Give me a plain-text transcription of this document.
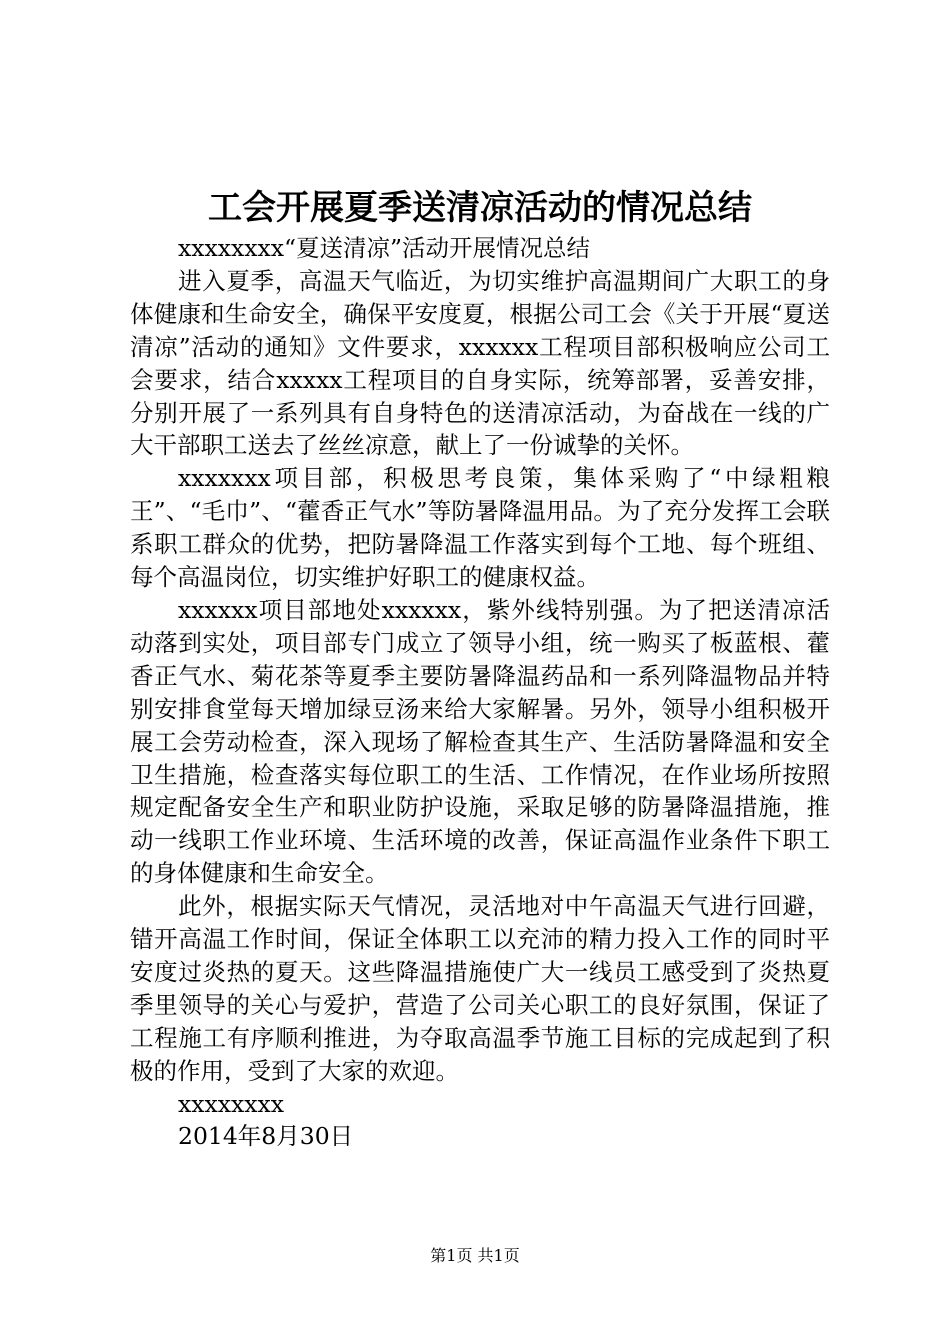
工会开展夏季送清凉活动的情况总结

xxxxxxxx“夏送清凉”活动开展情况总结

进入夏季，高温天气临近，为切实维护高温期间广大职工的身体健康和生命安全，确保平安度夏，根据公司工会《关于开展“夏送清凉”活动的通知》文件要求，xxxxxx工程项目部积极响应公司工会要求，结合xxxxx工程项目的自身实际，统筹部署，妥善安排，分别开展了一系列具有自身特色的送清凉活动，为奋战在一线的广大干部职工送去了丝丝凉意，献上了一份诚挚的关怀。

xxxxxxx项目部，积极思考良策，集体采购了“中绿粗粮王”、“毛巾”、“藿香正气水”等防暑降温用品。为了充分发挥工会联系职工群众的优势，把防暑降温工作落实到每个工地、每个班组、每个高温岗位，切实维护好职工的健康权益。

xxxxxx项目部地处xxxxxx，紫外线特别强。为了把送清凉活动落到实处，项目部专门成立了领导小组，统一购买了板蓝根、藿香正气水、菊花茶等夏季主要防暑降温药品和一系列降温物品并特别安排食堂每天增加绿豆汤来给大家解暑。另外，领导小组积极开展工会劳动检查，深入现场了解检查其生产、生活防暑降温和安全卫生措施，检查落实每位职工的生活、工作情况，在作业场所按照规定配备安全生产和职业防护设施，采取足够的防暑降温措施，推动一线职工作业环境、生活环境的改善，保证高温作业条件下职工的身体健康和生命安全。

此外，根据实际天气情况，灵活地对中午高温天气进行回避，错开高温工作时间，保证全体职工以充沛的精力投入工作的同时平安度过炎热的夏天。这些降温措施使广大一线员工感受到了炎热夏季里领导的关心与爱护，营造了公司关心职工的良好氛围，保证了工程施工有序顺利推进，为夺取高温季节施工目标的完成起到了积极的作用，受到了大家的欢迎。

xxxxxxxx

2014年8月30日

第1页 共1页
